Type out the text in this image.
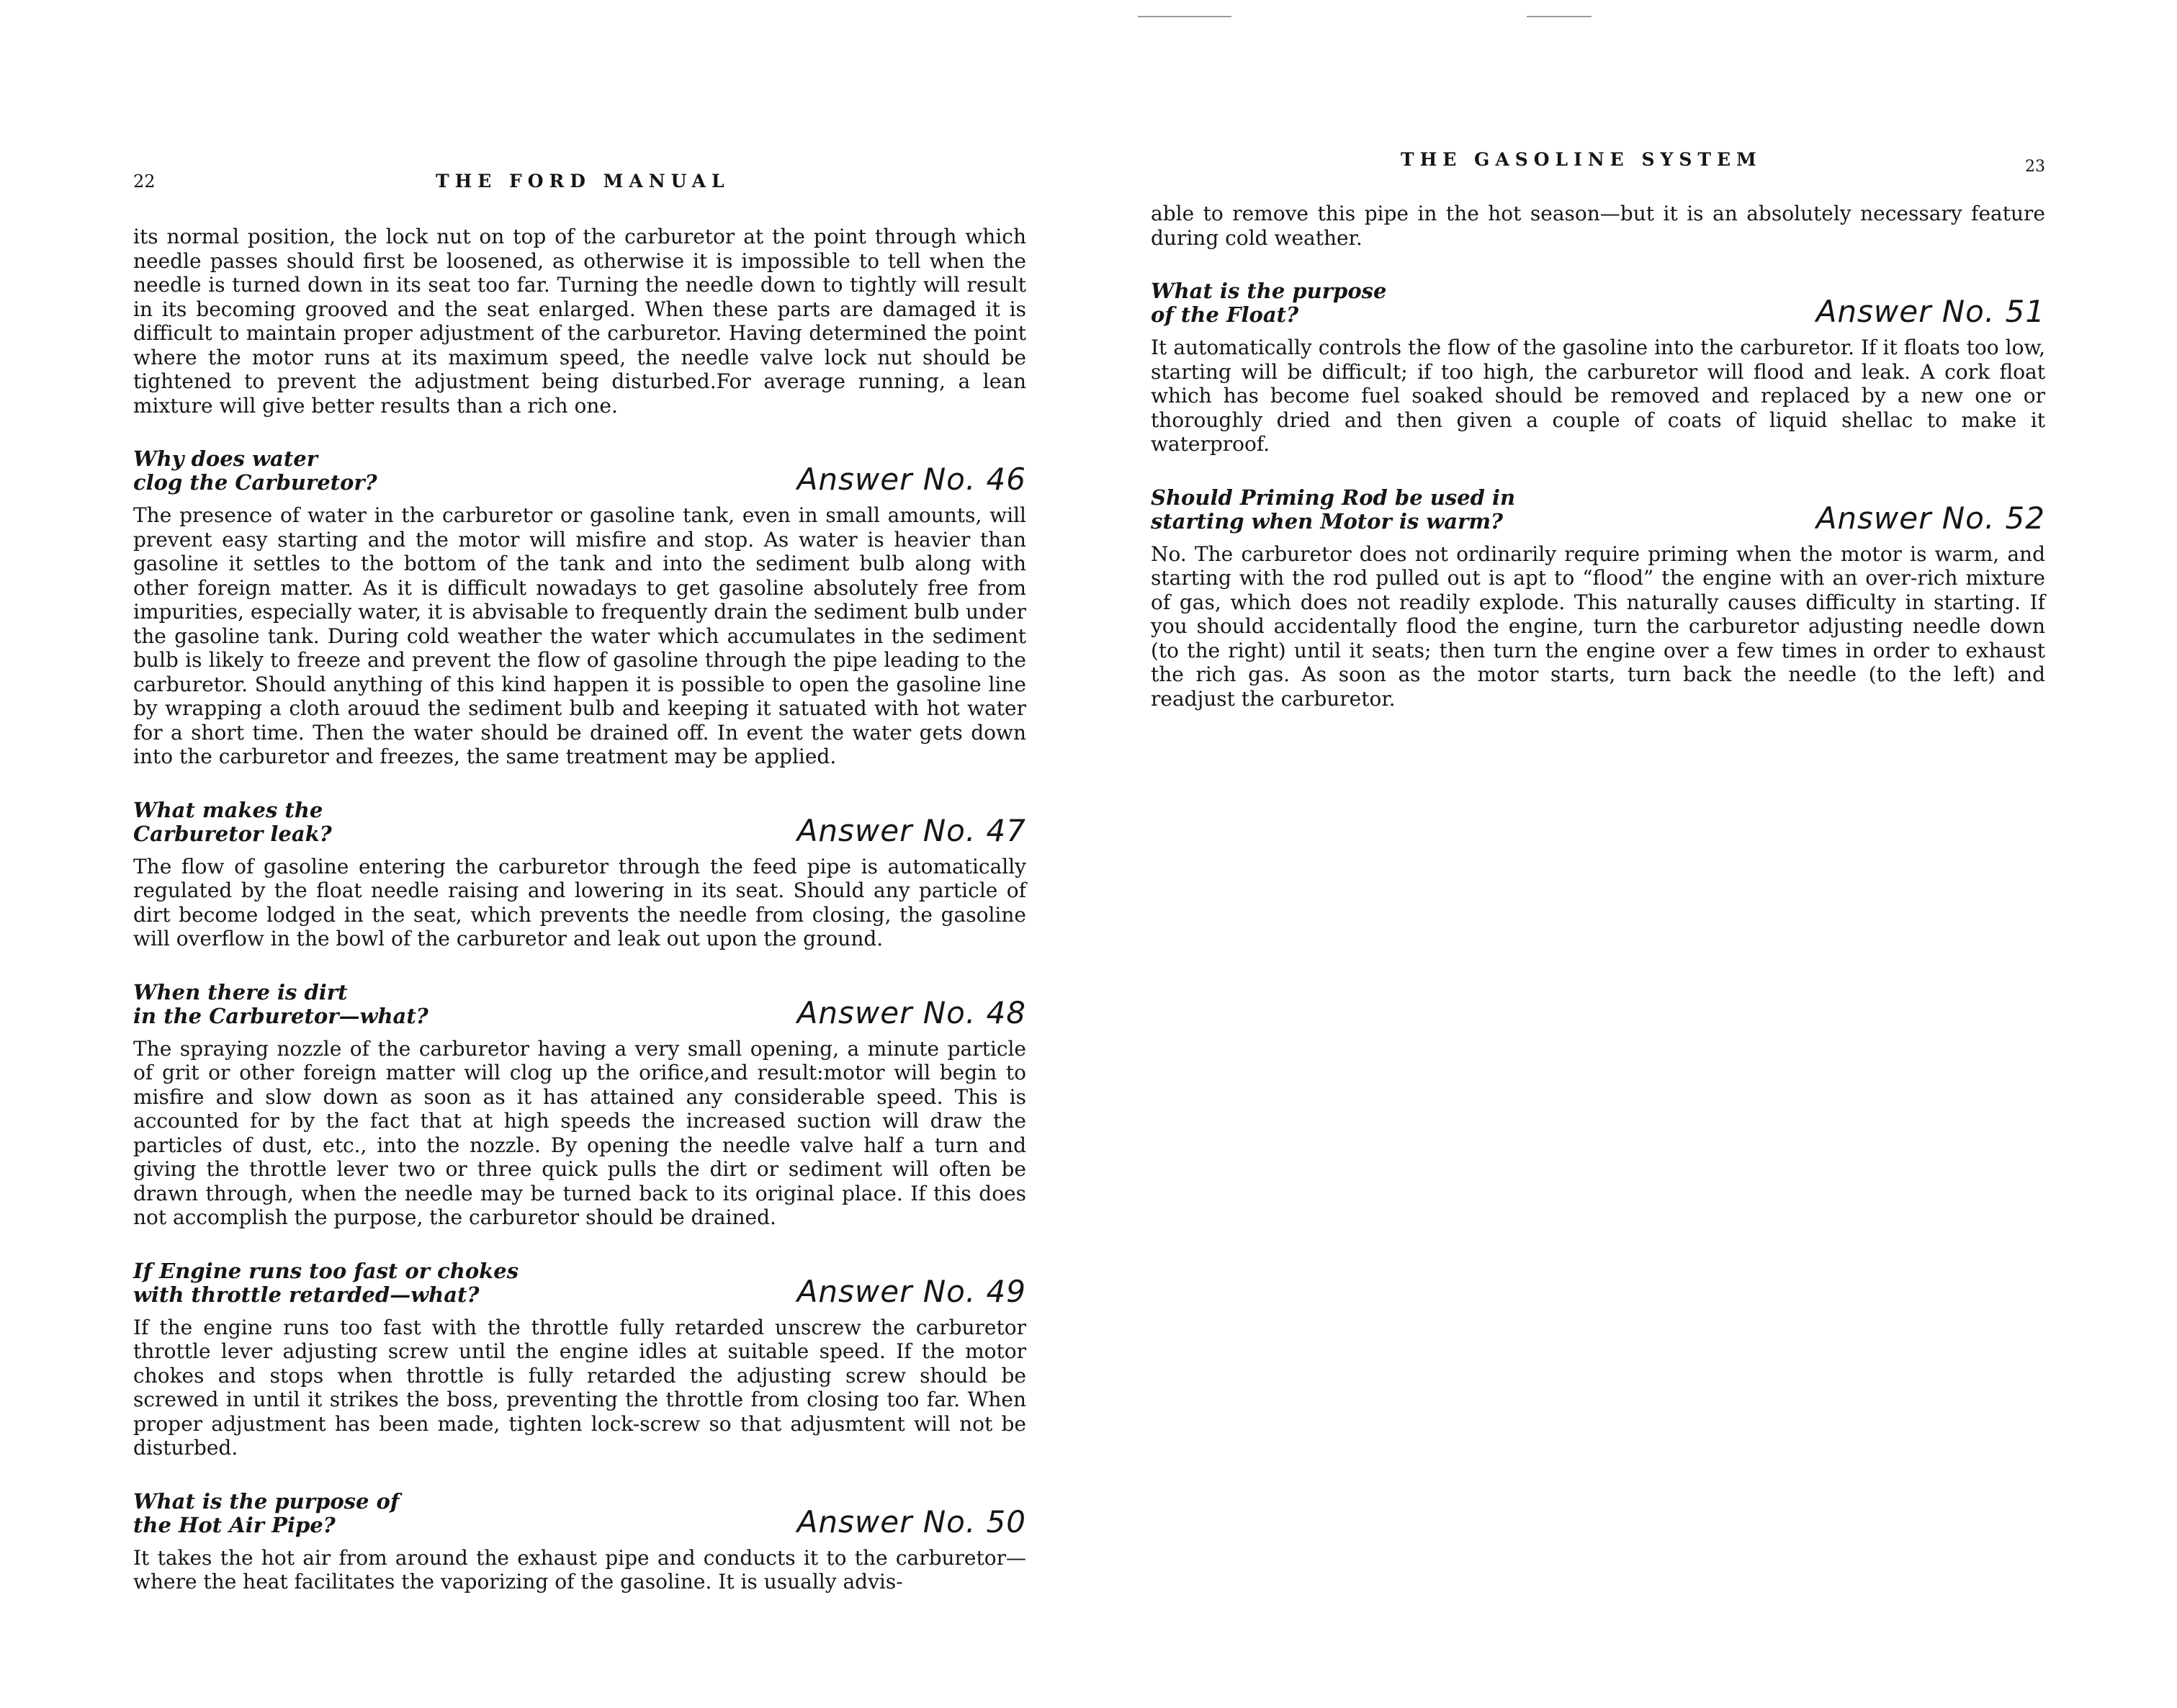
22	THE FORD MANUAL

its normal position, the lock nut on top of the carburetor at the point through which needle passes should first be loosened, as otherwise it is impossible to tell when the needle is turned down in its seat too far. Turning the needle down to tightly will result in its becoming grooved and the seat enlarged. When these parts are damaged it is difficult to maintain proper adjustment of the carburetor. Having determined the point where the motor runs at its maximum speed, the needle valve lock nut should be tightened to prevent the adjustment being disturbed.For average running, a lean mixture will give better results than a rich one.

Why does water
clog the Carburetor?	Answer No. 46

The presence of water in the carburetor or gasoline tank, even in small amounts, will prevent easy starting and the motor will misfire and stop. As water is heavier than gasoline it settles to the bottom of the tank and into the sediment bulb along with other foreign matter. As it is difficult nowadays to get gasoline absolutely free from impurities, especially water, it is abvisable to frequently drain the sediment bulb under the gasoline tank. During cold weather the water which accumulates in the sediment bulb is likely to freeze and prevent the flow of gasoline through the pipe leading to the carburetor. Should anything of this kind happen it is possible to open the gasoline line by wrapping a cloth arouud the sediment bulb and keeping it satuated with hot water for a short time. Then the water should be drained off. In event the water gets down into the carburetor and freezes, the same treatment may be applied.

What makes the
Carburetor leak?	Answer No. 47

The flow of gasoline entering the carburetor through the feed pipe is automatically regulated by the float needle raising and lowering in its seat. Should any particle of dirt become lodged in the seat, which prevents the needle from closing, the gasoline will overflow in the bowl of the carburetor and leak out upon the ground.

When there is dirt
in the Carburetor—what?	Answer No. 48

The spraying nozzle of the carburetor having a very small opening, a minute particle of grit or other foreign matter will clog up the orifice,and result:motor will begin to misfire and slow down as soon as it has attained any considerable speed. This is accounted for by the fact that at high speeds the increased suction will draw the particles of dust, etc., into the nozzle. By opening the needle valve half a turn and giving the throttle lever two or three quick pulls the dirt or sediment will often be drawn through, when the needle may be turned back to its original place. If this does not accomplish the purpose, the carburetor should be drained.

If Engine runs too fast or chokes
with throttle retarded—what?	Answer No. 49

If the engine runs too fast with the throttle fully retarded unscrew the carburetor throttle lever adjusting screw until the engine idles at suitable speed. If the motor chokes and stops when throttle is fully retarded the adjusting screw should be screwed in until it strikes the boss, preventing the throttle from closing too far. When proper adjustment has been made, tighten lock-screw so that adjusmtent will not be disturbed.

What is the purpose of
the Hot Air Pipe?	Answer No. 50

It takes the hot air from around the exhaust pipe and conducts it to the carburetor—where the heat facilitates the vaporizing of the gasoline. It is usually advis-

THE GASOLINE SYSTEM	23

able to remove this pipe in the hot season—but it is an absolutely necessary feature during cold weather.

What is the purpose
of the Float?	Answer No. 51

It automatically controls the flow of the gasoline into the carburetor. If it floats too low, starting will be difficult; if too high, the carburetor will flood and leak. A cork float which has become fuel soaked should be removed and replaced by a new one or thoroughly dried and then given a couple of coats of liquid shellac to make it waterproof.

Should Priming Rod be used in
starting when Motor is warm?	Answer No. 52

No. The carburetor does not ordinarily require priming when the motor is warm, and starting with the rod pulled out is apt to “flood” the engine with an over-rich mixture of gas, which does not readily explode. This naturally causes difficulty in starting. If you should accidentally flood the engine, turn the carburetor adjusting needle down (to the right) until it seats; then turn the engine over a few times in order to exhaust the rich gas. As soon as the motor starts, turn back the needle (to the left) and readjust the carburetor.
